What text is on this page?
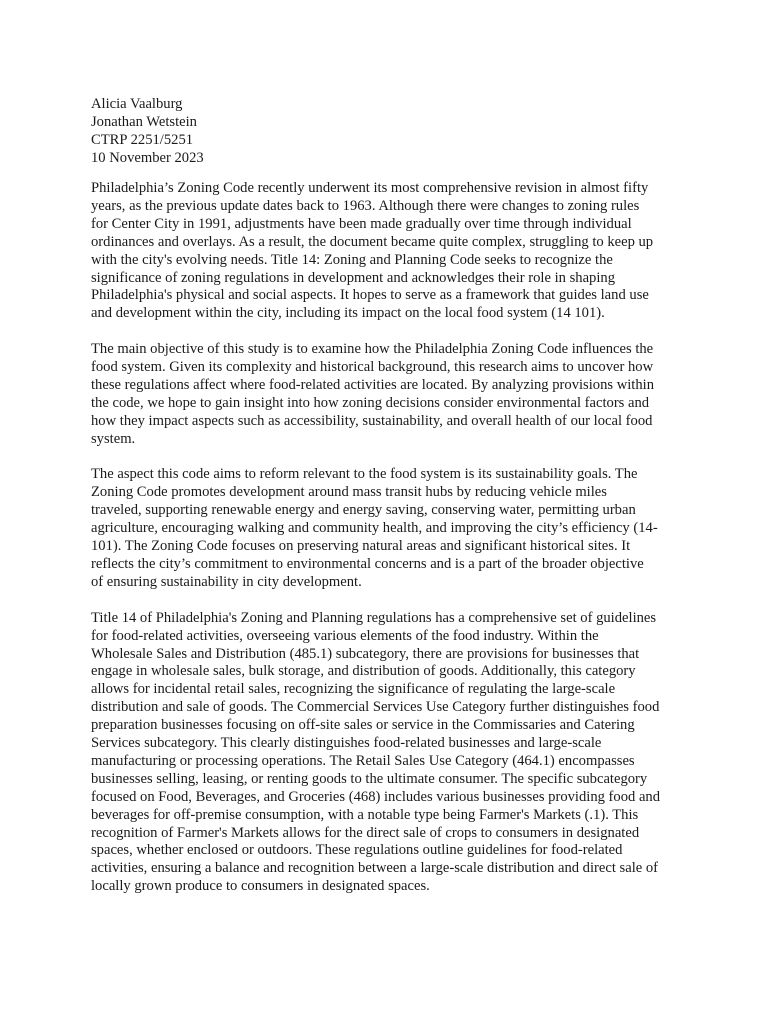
Alicia Vaalburg
Jonathan Wetstein
CTRP 2251/5251
10 November 2023
Philadelphia’s Zoning Code recently underwent its most comprehensive revision in almost fifty
years, as the previous update dates back to 1963. Although there were changes to zoning rules
for Center City in 1991, adjustments have been made gradually over time through individual
ordinances and overlays. As a result, the document became quite complex, struggling to keep up
with the city's evolving needs. Title 14: Zoning and Planning Code seeks to recognize the
significance of zoning regulations in development and acknowledges their role in shaping
Philadelphia's physical and social aspects. It hopes to serve as a framework that guides land use
and development within the city, including its impact on the local food system (14 101).
The main objective of this study is to examine how the Philadelphia Zoning Code influences the
food system. Given its complexity and historical background, this research aims to uncover how
these regulations affect where food-related activities are located. By analyzing provisions within
the code, we hope to gain insight into how zoning decisions consider environmental factors and
how they impact aspects such as accessibility, sustainability, and overall health of our local food
system.
The aspect this code aims to reform relevant to the food system is its sustainability goals. The
Zoning Code promotes development around mass transit hubs by reducing vehicle miles
traveled, supporting renewable energy and energy saving, conserving water, permitting urban
agriculture, encouraging walking and community health, and improving the city’s efficiency (14-
101). The Zoning Code focuses on preserving natural areas and significant historical sites. It
reflects the city’s commitment to environmental concerns and is a part of the broader objective
of ensuring sustainability in city development.
Title 14 of Philadelphia's Zoning and Planning regulations has a comprehensive set of guidelines
for food-related activities, overseeing various elements of the food industry. Within the
Wholesale Sales and Distribution (485.1) subcategory, there are provisions for businesses that
engage in wholesale sales, bulk storage, and distribution of goods. Additionally, this category
allows for incidental retail sales, recognizing the significance of regulating the large-scale
distribution and sale of goods. The Commercial Services Use Category further distinguishes food
preparation businesses focusing on off-site sales or service in the Commissaries and Catering
Services subcategory. This clearly distinguishes food-related businesses and large-scale
manufacturing or processing operations. The Retail Sales Use Category (464.1) encompasses
businesses selling, leasing, or renting goods to the ultimate consumer. The specific subcategory
focused on Food, Beverages, and Groceries (468) includes various businesses providing food and
beverages for off-premise consumption, with a notable type being Farmer's Markets (.1). This
recognition of Farmer's Markets allows for the direct sale of crops to consumers in designated
spaces, whether enclosed or outdoors. These regulations outline guidelines for food-related
activities, ensuring a balance and recognition between a large-scale distribution and direct sale of
locally grown produce to consumers in designated spaces.
